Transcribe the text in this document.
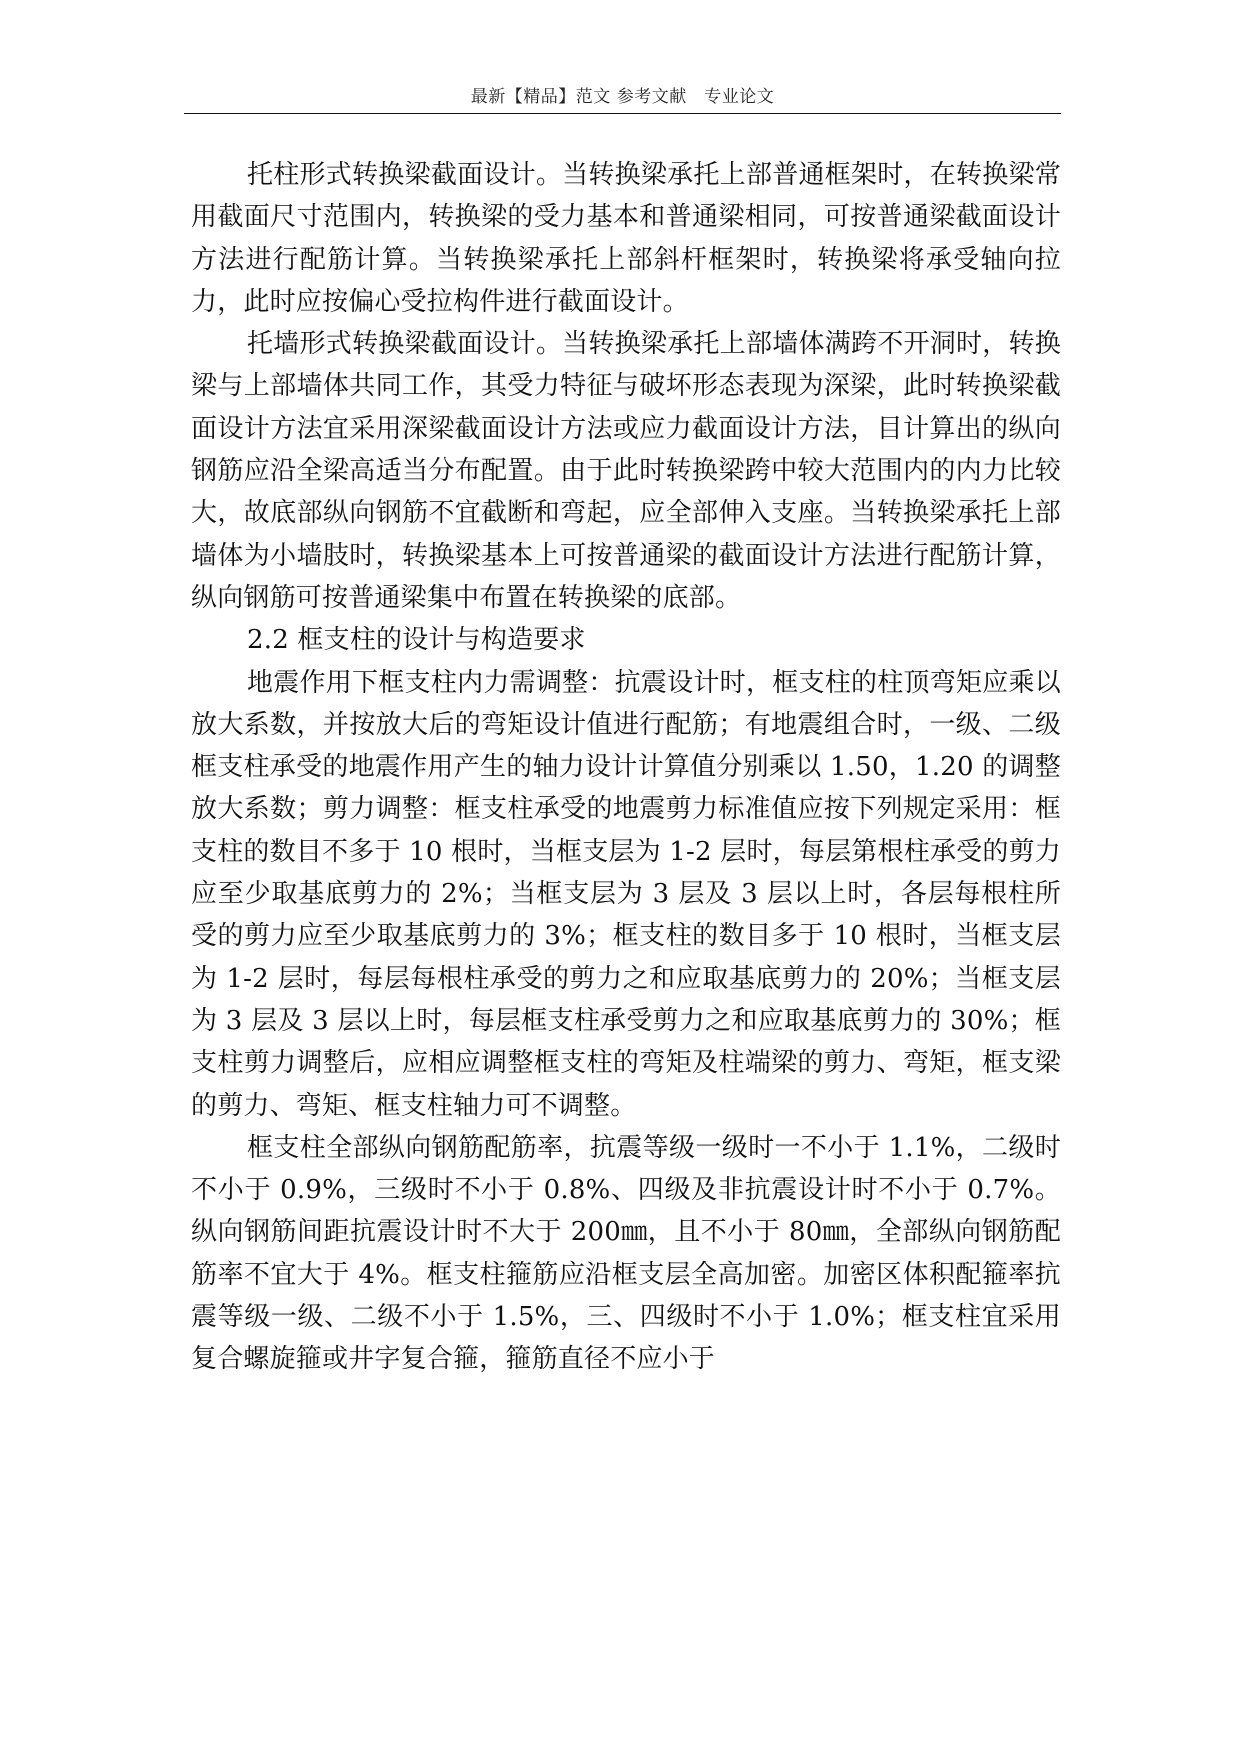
最新【精品】范文 参考文献　专业论文

托柱形式转换梁截面设计。当转换梁承托上部普通框架时，在转换梁常用截面尺寸范围内，转换梁的受力基本和普通梁相同，可按普通梁截面设计方法进行配筋计算。当转换梁承托上部斜杆框架时，转换梁将承受轴向拉力，此时应按偏心受拉构件进行截面设计。

托墙形式转换梁截面设计。当转换梁承托上部墙体满跨不开洞时，转换梁与上部墙体共同工作，其受力特征与破坏形态表现为深梁，此时转换梁截面设计方法宜采用深梁截面设计方法或应力截面设计方法，目计算出的纵向钢筋应沿全梁高适当分布配置。由于此时转换梁跨中较大范围内的内力比较大，故底部纵向钢筋不宜截断和弯起，应全部伸入支座。当转换梁承托上部墙体为小墙肢时，转换梁基本上可按普通梁的截面设计方法进行配筋计算，纵向钢筋可按普通梁集中布置在转换梁的底部。

2.2 框支柱的设计与构造要求

地震作用下框支柱内力需调整：抗震设计时，框支柱的柱顶弯矩应乘以放大系数，并按放大后的弯矩设计值进行配筋；有地震组合时，一级、二级框支柱承受的地震作用产生的轴力设计计算值分别乘以 1.50，1.20 的调整放大系数；剪力调整：框支柱承受的地震剪力标准值应按下列规定采用：框支柱的数目不多于 10 根时，当框支层为 1-2 层时，每层第根柱承受的剪力应至少取基底剪力的 2%；当框支层为 3 层及 3 层以上时，各层每根柱所受的剪力应至少取基底剪力的 3%；框支柱的数目多于 10 根时，当框支层为 1-2 层时，每层每根柱承受的剪力之和应取基底剪力的 20%；当框支层为 3 层及 3 层以上时，每层框支柱承受剪力之和应取基底剪力的 30%；框支柱剪力调整后，应相应调整框支柱的弯矩及柱端梁的剪力、弯矩，框支梁的剪力、弯矩、框支柱轴力可不调整。

框支柱全部纵向钢筋配筋率，抗震等级一级时一不小于 1.1%，二级时不小于 0.9%，三级时不小于 0.8%、四级及非抗震设计时不小于 0.7%。纵向钢筋间距抗震设计时不大于 200㎜，且不小于 80㎜，全部纵向钢筋配筋率不宜大于 4%。框支柱箍筋应沿框支层全高加密。加密区体积配箍率抗震等级一级、二级不小于 1.5%，三、四级时不小于 1.0%；框支柱宜采用复合螺旋箍或井字复合箍，箍筋直径不应小于
